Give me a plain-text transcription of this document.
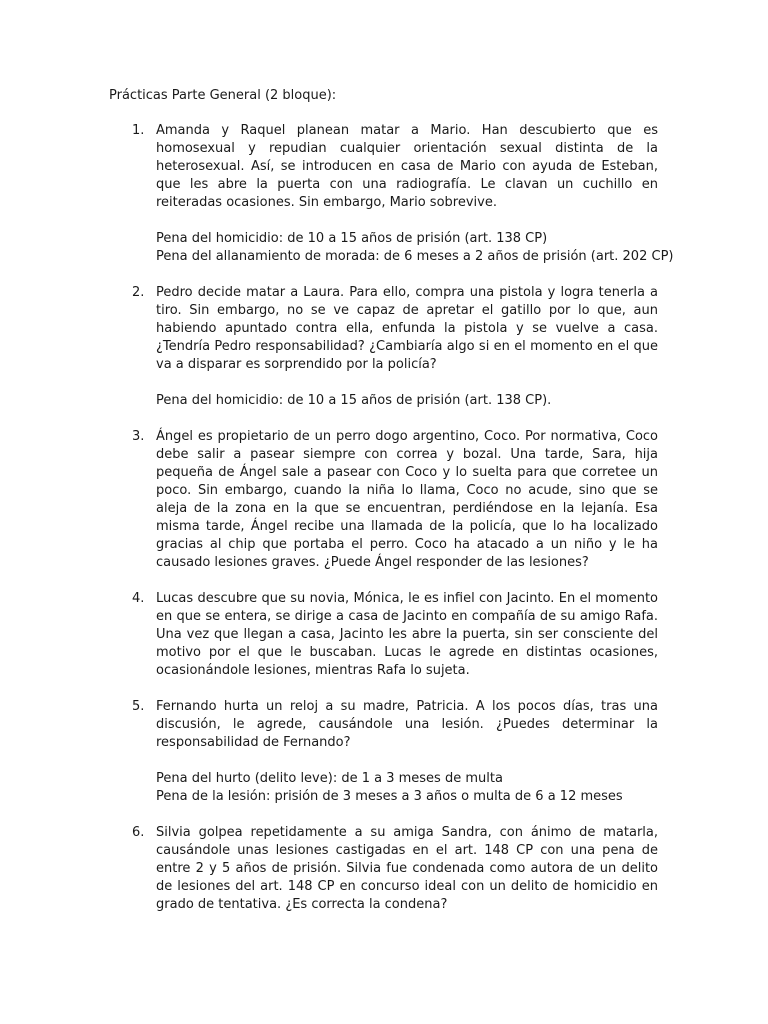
Prácticas Parte General (2 bloque):
1. Amanda y Raquel planean matar a Mario. Han descubierto que es homosexual y repudian cualquier orientación sexual distinta de la heterosexual. Así, se introducen en casa de Mario con ayuda de Esteban, que les abre la puerta con una radiografía. Le clavan un cuchillo en reiteradas ocasiones. Sin embargo, Mario sobrevive.

Pena del homicidio: de 10 a 15 años de prisión (art. 138 CP)

Pena del allanamiento de morada: de 6 meses a 2 años de prisión (art. 202 CP)

2. Pedro decide matar a Laura. Para ello, compra una pistola y logra tenerla a tiro. Sin embargo, no se ve capaz de apretar el gatillo por lo que, aun habiendo apuntado contra ella, enfunda la pistola y se vuelve a casa. ¿Tendría Pedro responsabilidad? ¿Cambiaría algo si en el momento en el que va a disparar es sorprendido por la policía?

Pena del homicidio: de 10 a 15 años de prisión (art. 138 CP).

3. Ángel es propietario de un perro dogo argentino, Coco. Por normativa, Coco debe salir a pasear siempre con correa y bozal. Una tarde, Sara, hija pequeña de Ángel sale a pasear con Coco y lo suelta para que corretee un poco. Sin embargo, cuando la niña lo llama, Coco no acude, sino que se aleja de la zona en la que se encuentran, perdiéndose en la lejanía. Esa misma tarde, Ángel recibe una llamada de la policía, que lo ha localizado gracias al chip que portaba el perro. Coco ha atacado a un niño y le ha causado lesiones graves. ¿Puede Ángel responder de las lesiones?

4. Lucas descubre que su novia, Mónica, le es infiel con Jacinto. En el momento en que se entera, se dirige a casa de Jacinto en compañía de su amigo Rafa. Una vez que llegan a casa, Jacinto les abre la puerta, sin ser consciente del motivo por el que le buscaban. Lucas le agrede en distintas ocasiones, ocasionándole lesiones, mientras Rafa lo sujeta.

5. Fernando hurta un reloj a su madre, Patricia. A los pocos días, tras una discusión, le agrede, causándole una lesión. ¿Puedes determinar la responsabilidad de Fernando?

Pena del hurto (delito leve): de 1 a 3 meses de multa

Pena de la lesión: prisión de 3 meses a 3 años o multa de 6 a 12 meses

6. Silvia golpea repetidamente a su amiga Sandra, con ánimo de matarla, causándole unas lesiones castigadas en el art. 148 CP con una pena de entre 2 y 5 años de prisión. Silvia fue condenada como autora de un delito de lesiones del art. 148 CP en concurso ideal con un delito de homicidio en grado de tentativa. ¿Es correcta la condena?
